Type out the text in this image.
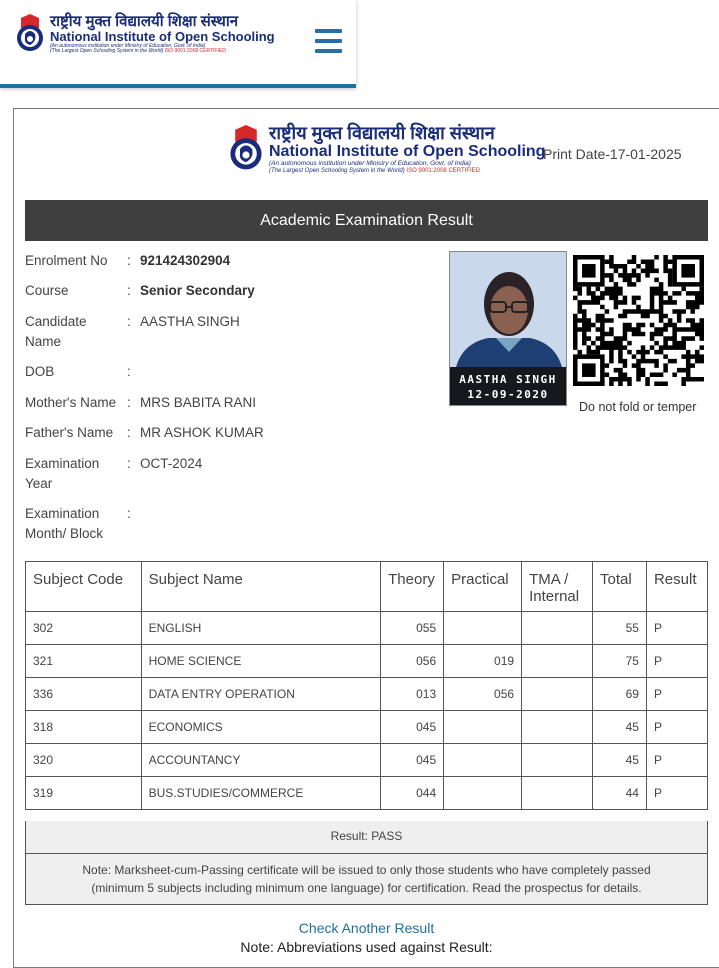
राष्ट्रीय मुक्त विद्यालयी शिक्षा संस्थान
National Institute of Open Schooling
(An autonomous institution under Ministry of Education, Govt. of India)
(The Largest Open Schooling System in the World) ISO 9001:2008 CERTIFIED
राष्ट्रीय मुक्त विद्यालयी शिक्षा संस्थान
National Institute of Open Schooling
(An autonomous institution under Ministry of Education, Govt. of India)
(The Largest Open Schooling System in the World) ISO 9001:2008 CERTIFIED
Print Date-17-01-2025
Academic Examination Result
Enrolment No	: 921424302904
Course	: Senior Secondary
Candidate Name
: AASTHA SINGH
DOB	:
Mother's Name : MRS BABITA RANI
Father's Name	: MR ASHOK KUMAR
Examination Year
: OCT-2024
Examination Month/ Block
:
AASTHA SINGH
12-09-2020
Do not fold or temper
Subject Code	Subject Name	Theory	Practical	TMA / Internal	Total	Result
302	ENGLISH	055			55	P
321	HOME SCIENCE	056	019		75	P
336	DATA ENTRY OPERATION	013	056		69	P
318	ECONOMICS	045			45	P
320	ACCOUNTANCY	045			45	P
319	BUS.STUDIES/COMMERCE	044			44	P
Result: PASS
Note: Marksheet-cum-Passing certificate will be issued to only those students who have completely passed
(minimum 5 subjects including minimum one language) for certification. Read the prospectus for details.
Check Another Result
Note: Abbreviations used against Result:
